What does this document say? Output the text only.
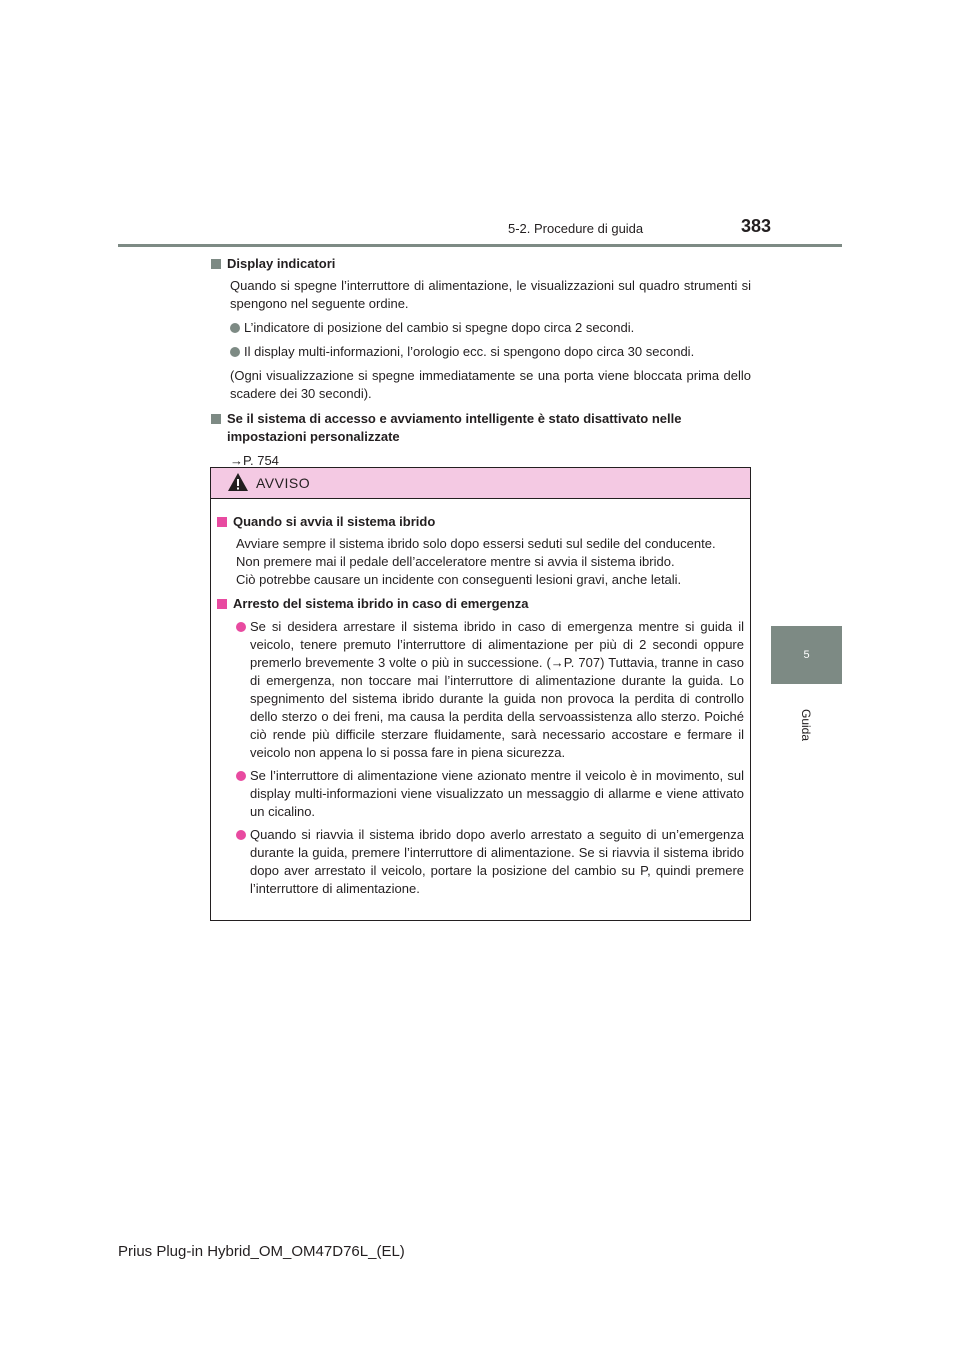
5-2. Procedure di guida	383
5
Guida
Display indicatori
Quando si spegne l’interruttore di alimentazione, le visualizzazioni sul quadro strumenti si spengono nel seguente ordine.
L’indicatore di posizione del cambio si spegne dopo circa 2 secondi.
Il display multi-informazioni, l’orologio ecc. si spengono dopo circa 30 secondi.
(Ogni visualizzazione si spegne immediatamente se una porta viene bloccata prima dello scadere dei 30 secondi).
Se il sistema di accesso e avviamento intelligente è stato disattivato nelle impostazioni personalizzate
→P. 754
AVVISO
Quando si avvia il sistema ibrido
Avviare sempre il sistema ibrido solo dopo essersi seduti sul sedile del conducente.
Non premere mai il pedale dell’acceleratore mentre si avvia il sistema ibrido.
Ciò potrebbe causare un incidente con conseguenti lesioni gravi, anche letali.
Arresto del sistema ibrido in caso di emergenza
Se si desidera arrestare il sistema ibrido in caso di emergenza mentre si guida il veicolo, tenere premuto l’interruttore di alimentazione per più di 2 secondi oppure premerlo brevemente 3 volte o più in successione. (→P. 707) Tuttavia, tranne in caso di emergenza, non toccare mai l’interruttore di alimentazione durante la guida. Lo spegnimento del sistema ibrido durante la guida non provoca la perdita di controllo dello sterzo o dei freni, ma causa la perdita della servoassistenza allo sterzo. Poiché ciò rende più difficile sterzare fluidamente, sarà necessario accostare e fermare il veicolo non appena lo si possa fare in piena sicurezza.
Se l’interruttore di alimentazione viene azionato mentre il veicolo è in movimento, sul display multi-informazioni viene visualizzato un messaggio di allarme e viene attivato un cicalino.
Quando si riavvia il sistema ibrido dopo averlo arrestato a seguito di un’emergenza durante la guida, premere l’interruttore di alimentazione. Se si riavvia il sistema ibrido dopo aver arrestato il veicolo, portare la posizione del cambio su P, quindi premere l’interruttore di alimentazione.
Prius Plug-in Hybrid_OM_OM47D76L_(EL)
